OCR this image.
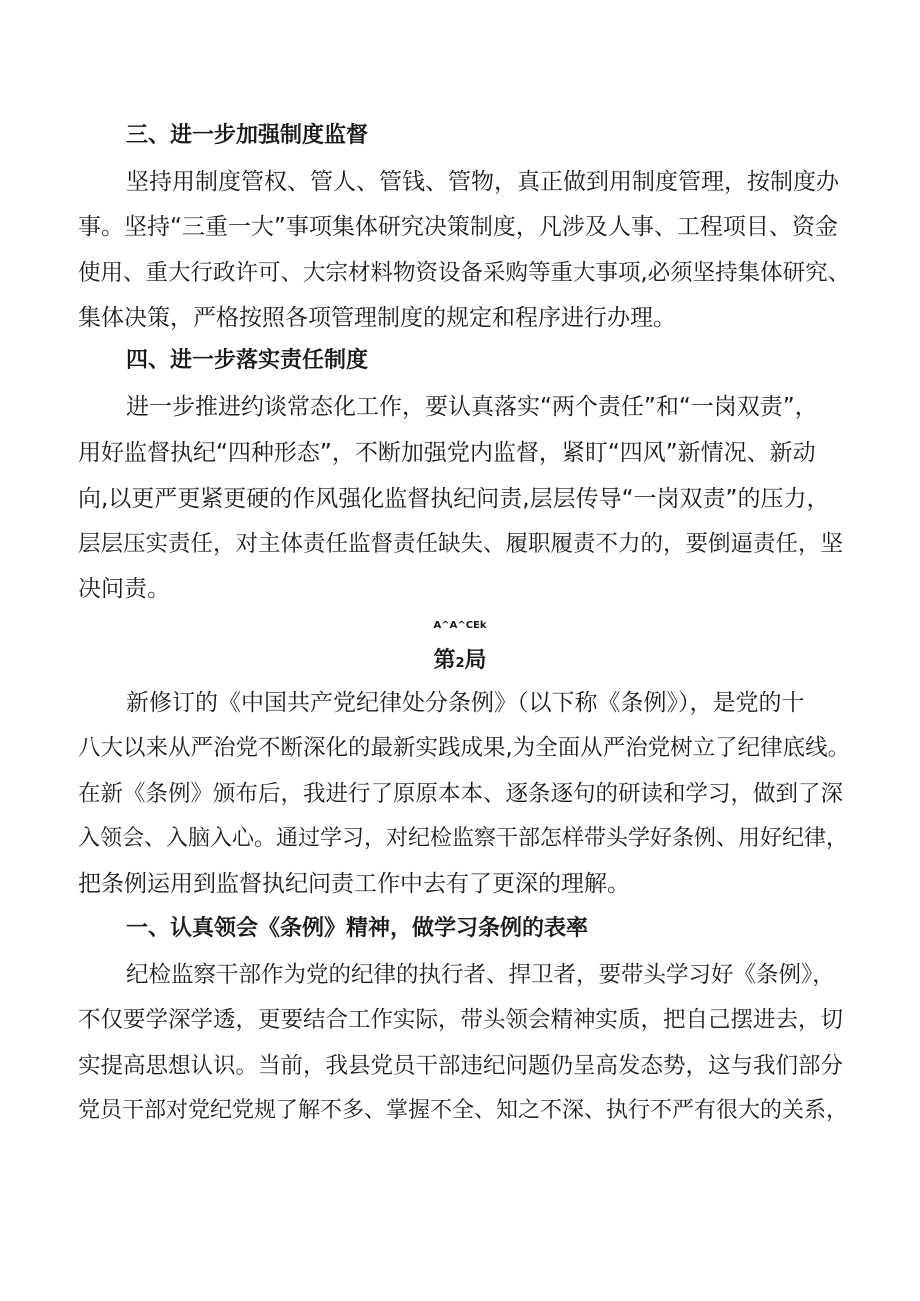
三、进一步加强制度监督
坚持用制度管权、管人、管钱、管物，真正做到用制度管理，按制度办
事。坚持“三重一大”事项集体研究决策制度，凡涉及人事、工程项目、资金
使用、重大行政许可、大宗材料物资设备采购等重大事项,必须坚持集体研究、
集体决策，严格按照各项管理制度的规定和程序进行办理。
四、进一步落实责任制度
进一步推进约谈常态化工作，要认真落实“两个责任”和“一岗双责”，
用好监督执纪“四种形态”，不断加强党内监督，紧盯“四风”新情况、新动
向,以更严更紧更硬的作风强化监督执纪问责,层层传导“一岗双责”的压力，
层层压实责任，对主体责任监督责任缺失、履职履责不力的，要倒逼责任，坚
决问责。
A^A^CEk
第2局
新修订的《中国共产党纪律处分条例》（以下称《条例》），是党的十
八大以来从严治党不断深化的最新实践成果,为全面从严治党树立了纪律底线。
在新《条例》颁布后，我进行了原原本本、逐条逐句的研读和学习，做到了深
入领会、入脑入心。通过学习，对纪检监察干部怎样带头学好条例、用好纪律，
把条例运用到监督执纪问责工作中去有了更深的理解。
一、认真领会《条例》精神，做学习条例的表率
纪检监察干部作为党的纪律的执行者、捍卫者，要带头学习好《条例》，
不仅要学深学透，更要结合工作实际，带头领会精神实质，把自己摆进去，切
实提高思想认识。当前，我县党员干部违纪问题仍呈高发态势，这与我们部分
党员干部对党纪党规了解不多、掌握不全、知之不深、执行不严有很大的关系，
